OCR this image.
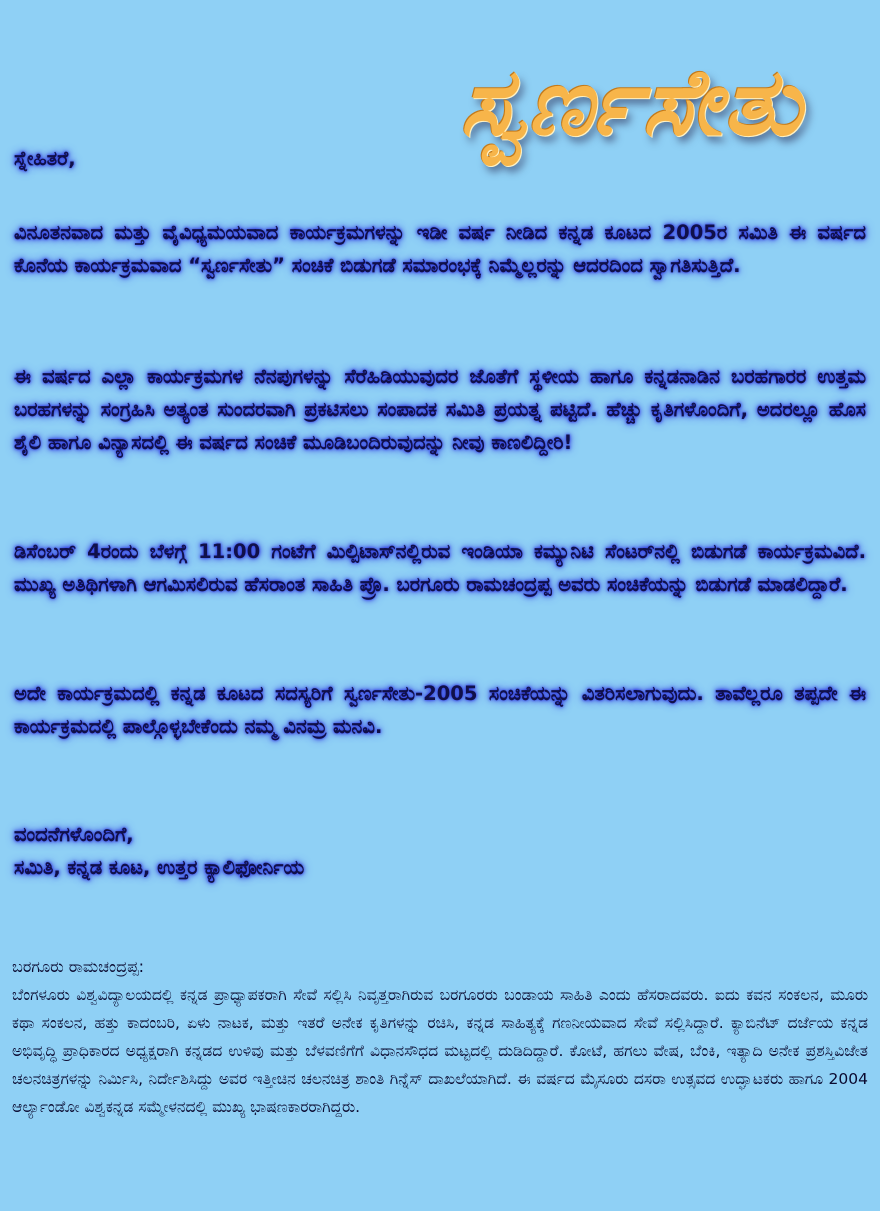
ಸ್ವರ್ಣಸೇತು

ಸ್ನೇಹಿತರೆ,

ವಿನೂತನವಾದ ಮತ್ತು ವೈವಿಧ್ಯಮಯವಾದ ಕಾರ್ಯಕ್ರಮಗಳನ್ನು ಇಡೀ ವರ್ಷ ನೀಡಿದ ಕನ್ನಡ ಕೂಟದ 2005ರ ಸಮಿತಿ ಈ ವರ್ಷದ ಕೊನೆಯ ಕಾರ್ಯಕ್ರಮವಾದ “ಸ್ವರ್ಣಸೇತು” ಸಂಚಿಕೆ ಬಿಡುಗಡೆ ಸಮಾರಂಭಕ್ಕೆ ನಿಮ್ಮೆಲ್ಲರನ್ನು ಆದರದಿಂದ ಸ್ವಾಗತಿಸುತ್ತಿದೆ.

ಈ ವರ್ಷದ ಎಲ್ಲಾ ಕಾರ್ಯಕ್ರಮಗಳ ನೆನಪುಗಳನ್ನು ಸೆರೆಹಿಡಿಯುವುದರ ಜೊತೆಗೆ ಸ್ಥಳೀಯ ಹಾಗೂ ಕನ್ನಡನಾಡಿನ ಬರಹಗಾರರ ಉತ್ತಮ ಬರಹಗಳನ್ನು ಸಂಗ್ರಹಿಸಿ ಅತ್ಯಂತ ಸುಂದರವಾಗಿ ಪ್ರಕಟಿಸಲು ಸಂಪಾದಕ ಸಮಿತಿ ಪ್ರಯತ್ನ ಪಟ್ಟಿದೆ. ಹೆಚ್ಚು ಕೃತಿಗಳೊಂದಿಗೆ, ಅದರಲ್ಲೂ ಹೊಸ ಶೈಲಿ ಹಾಗೂ ವಿನ್ಯಾಸದಲ್ಲಿ ಈ ವರ್ಷದ ಸಂಚಿಕೆ ಮೂಡಿಬಂದಿರುವುದನ್ನು ನೀವು ಕಾಣಲಿದ್ದೀರಿ!

ಡಿಸೆಂಬರ್ 4ರಂದು ಬೆಳಗ್ಗೆ 11:00 ಗಂಟೆಗೆ ಮಿಲ್ಪಿಟಾಸ್‌ನಲ್ಲಿರುವ ಇಂಡಿಯಾ ಕಮ್ಯುನಿಟಿ ಸೆಂಟರ್‌ನಲ್ಲಿ ಬಿಡುಗಡೆ ಕಾರ್ಯಕ್ರಮವಿದೆ. ಮುಖ್ಯ ಅತಿಥಿಗಳಾಗಿ ಆಗಮಿಸಲಿರುವ ಹೆಸರಾಂತ ಸಾಹಿತಿ ಪ್ರೊ. ಬರಗೂರು ರಾಮಚಂದ್ರಪ್ಪ ಅವರು ಸಂಚಿಕೆಯನ್ನು ಬಿಡುಗಡೆ ಮಾಡಲಿದ್ದಾರೆ.

ಅದೇ ಕಾರ್ಯಕ್ರಮದಲ್ಲಿ ಕನ್ನಡ ಕೂಟದ ಸದಸ್ಯರಿಗೆ ಸ್ವರ್ಣಸೇತು-2005 ಸಂಚಿಕೆಯನ್ನು ವಿತರಿಸಲಾಗುವುದು. ತಾವೆಲ್ಲರೂ ತಪ್ಪದೇ ಈ ಕಾರ್ಯಕ್ರಮದಲ್ಲಿ ಪಾಲ್ಗೊಳ್ಳಬೇಕೆಂದು ನಮ್ಮ ವಿನಮ್ರ ಮನವಿ.

ವಂದನೆಗಳೊಂದಿಗೆ,

ಸಮಿತಿ, ಕನ್ನಡ ಕೂಟ, ಉತ್ತರ ಕ್ಯಾಲಿಫೋರ್ನಿಯ

ಬರಗೂರು ರಾಮಚಂದ್ರಪ್ಪ:

ಬೆಂಗಳೂರು ವಿಶ್ವವಿದ್ಯಾಲಯದಲ್ಲಿ ಕನ್ನಡ ಪ್ರಾಧ್ಯಾಪಕರಾಗಿ ಸೇವೆ ಸಲ್ಲಿಸಿ ನಿವೃತ್ತರಾಗಿರುವ ಬರಗೂರರು ಬಂಡಾಯ ಸಾಹಿತಿ ಎಂದು ಹೆಸರಾದವರು. ಐದು ಕವನ ಸಂಕಲನ, ಮೂರು ಕಥಾ ಸಂಕಲನ, ಹತ್ತು ಕಾದಂಬರಿ, ಏಳು ನಾಟಕ, ಮತ್ತು ಇತರೆ ಅನೇಕ ಕೃತಿಗಳನ್ನು ರಚಿಸಿ, ಕನ್ನಡ ಸಾಹಿತ್ಯಕ್ಕೆ ಗಣನೀಯವಾದ ಸೇವೆ ಸಲ್ಲಿಸಿದ್ದಾರೆ. ಕ್ಯಾಬಿನೆಟ್ ದರ್ಜೆಯ ಕನ್ನಡ ಅಭಿವೃದ್ಧಿ ಪ್ರಾಧಿಕಾರದ ಅಧ್ಯಕ್ಷರಾಗಿ ಕನ್ನಡದ ಉಳಿವು ಮತ್ತು ಬೆಳವಣಿಗೆಗೆ ವಿಧಾನಸೌಧದ ಮಟ್ಟದಲ್ಲಿ ದುಡಿದಿದ್ದಾರೆ. ಕೋಟೆ, ಹಗಲು ವೇಷ, ಬೆಂಕಿ, ಇತ್ಯಾದಿ ಅನೇಕ ಪ್ರಶಸ್ತಿವಿಜೇತ ಚಲನಚಿತ್ರಗಳನ್ನು ನಿರ್ಮಿಸಿ, ನಿರ್ದೇಶಿಸಿದ್ದು ಅವರ ಇತ್ತೀಚಿನ ಚಲನಚಿತ್ರ ಶಾಂತಿ ಗಿನ್ನೆಸ್ ದಾಖಲೆಯಾಗಿದೆ. ಈ ವರ್ಷದ ಮೈಸೂರು ದಸರಾ ಉತ್ಸವದ ಉದ್ಘಾಟಕರು ಹಾಗೂ 2004 ಆರ್ಲ್ಯಾಂಡೋ ವಿಶ್ವಕನ್ನಡ ಸಮ್ಮೇಳನದಲ್ಲಿ ಮುಖ್ಯ ಭಾಷಣಕಾರರಾಗಿದ್ದರು.
